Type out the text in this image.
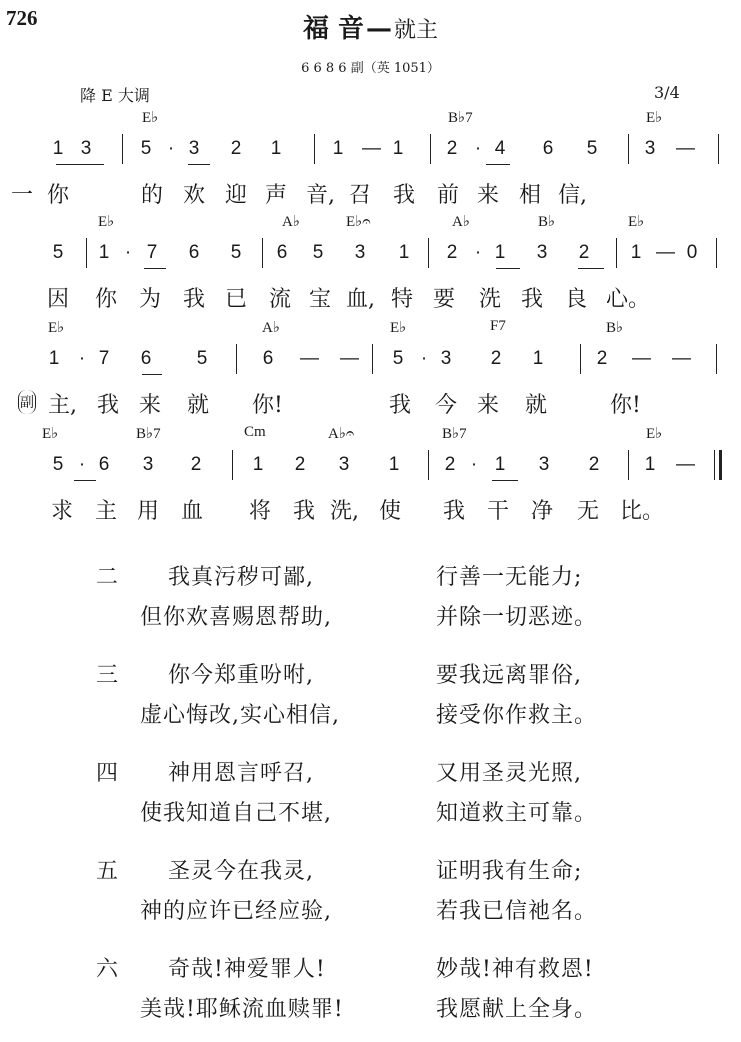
726	福 音—就主
6 6 8 6 副（英 1051）
降 E 大调	3/4
E♭	B♭7	E♭
1 3	5 · 3 2 1	1 — 1 2 · 4 6 5 3 —
一 你	的 欢 迎 声 音, 召 我 前 来 相 信,
E♭	A♭	E♭𝄐	A♭	B♭	E♭
5 1 · 7 6 5 6 5 3 1 2 · 1 3 2 1 — 0
因 你 为 我 已 流 宝 血, 特 要 洗 我 良 心。
E♭	A♭	E♭	F7	B♭
1 · 7 6 5	6 — — 5 · 3 2 1	2 — —
副 主, 我 来 就 你!	我 今 来 就	你!
E♭	B♭7	Cm	A♭𝄐	B♭7	E♭
5 · 6 3 2	1 2 3 1 2 · 1 3 2 1 —
求 主 用 血 将 我 洗, 使 我 干 净 无 比。
二 我真污秽可鄙,	行善一无能力;
但你欢喜赐恩帮助,	并除一切恶迹。
三 你今郑重吩咐,	要我远离罪俗,
虚心悔改,实心相信,	接受你作救主。
四 神用恩言呼召,	又用圣灵光照,
使我知道自己不堪,	知道救主可靠。
五 圣灵今在我灵,	证明我有生命;
神的应许已经应验,	若我已信祂名。
六 奇哉!神爱罪人!	妙哉!神有救恩!
美哉!耶稣流血赎罪!	我愿献上全身。
